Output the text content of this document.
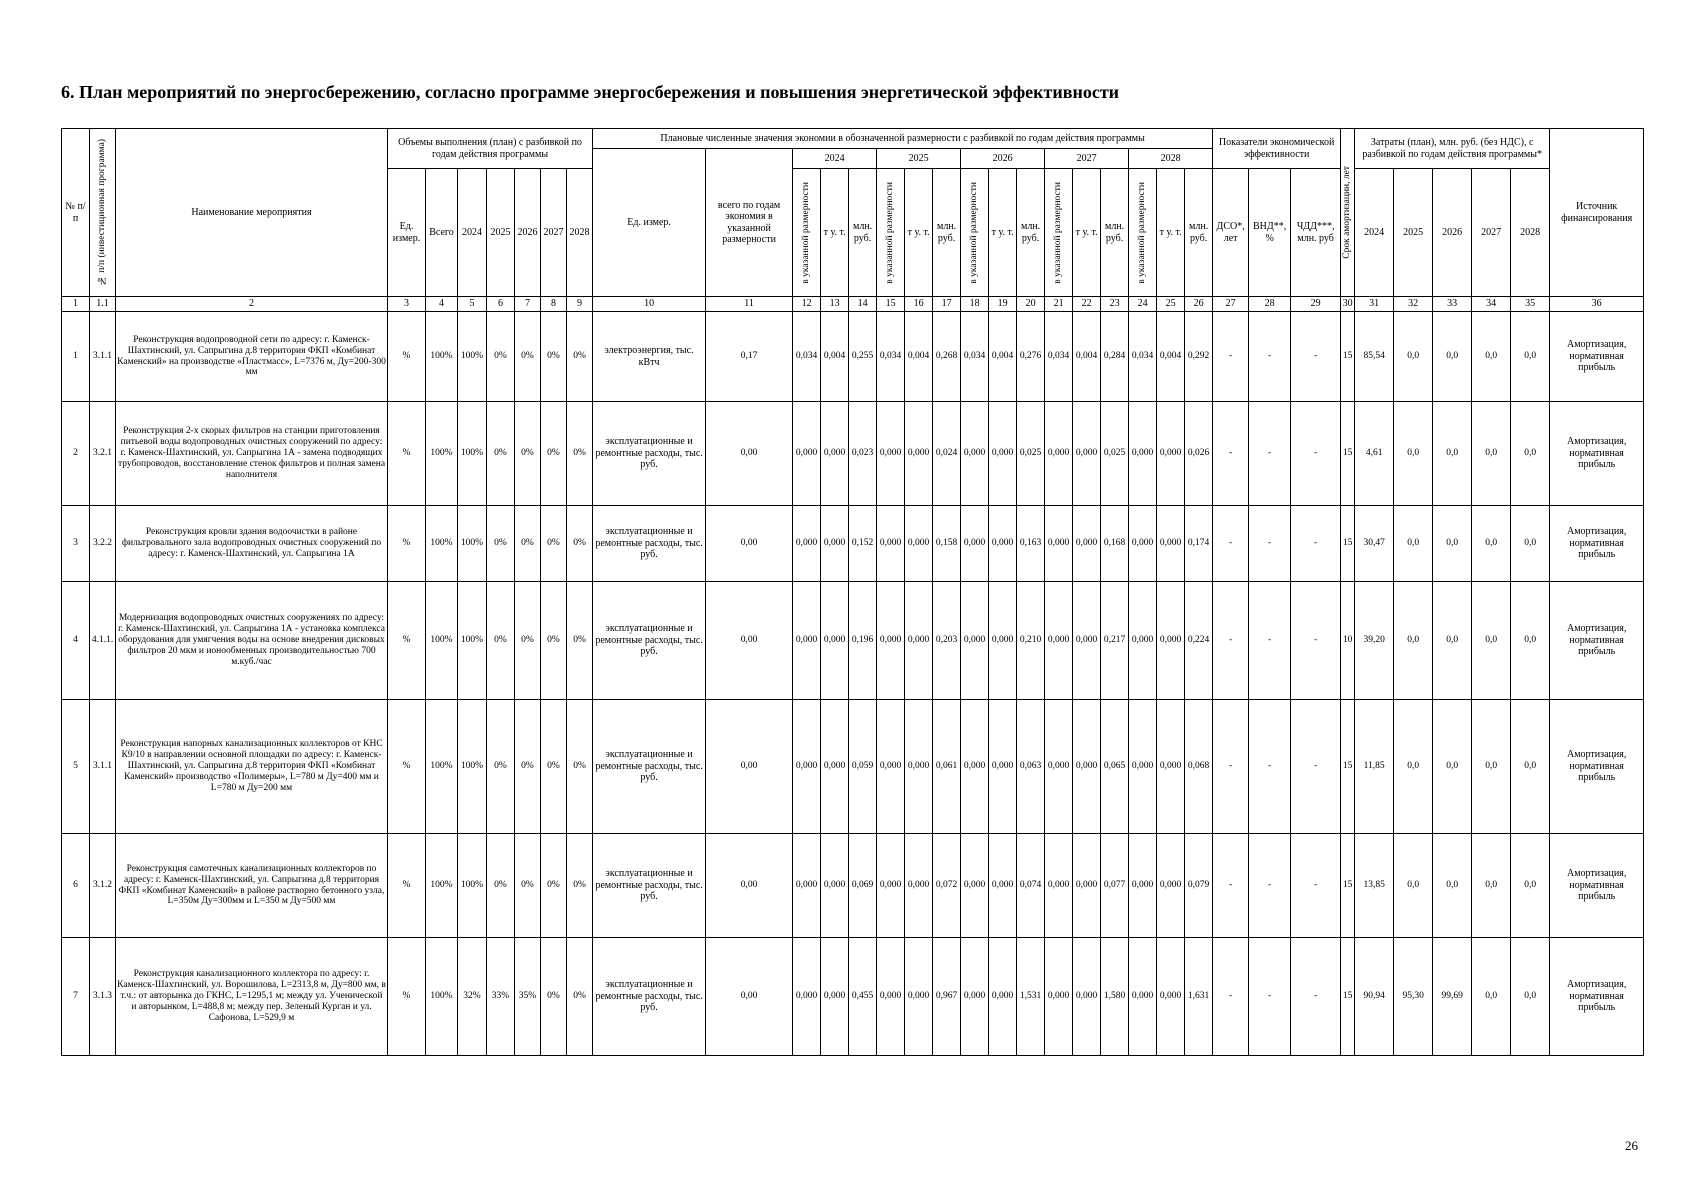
6. План мероприятий по энергосбережению, согласно программе энергосбережения и повышения энергетической эффективности
№ п/п	№ п/п (инвестиционная программа)	Наименование мероприятия	Объемы выполнения (план) с разбивкой по годам действия программы							Плановые численные значения экономии в обозначенной размерности с разбивкой по годам действия программы																	Показатели экономической эффективности			Срок амортизации, лет	Затраты (план), млн. руб. (без НДС), с разбивкой по годам действия программы*					Источник финансирования
										Ед. измер.	всего по годам экономия в указанной размерности	2024			2025			2026			2027			2028												
			Ед. измер.	Всего	2024	2025	2026	2027	2028			в указанной размерности	т у. т.	млн. руб.	в указанной размерности	т у. т.	млн. руб.	в указанной размерности	т у. т.	млн. руб.	в указанной размерности	т у. т.	млн. руб.	в указанной размерности	т у. т.	млн. руб.	ДСО*, лет	ВНД**, %	ЧДД***, млн. руб		2024	2025	2026	2027	2028	
1	1.1	2	3	4	5	6	7	8	9	10	11	12	13	14	15	16	17	18	19	20	21	22	23	24	25	26	27	28	29	30	31	32	33	34	35	36
1	3.1.1	Реконструкция водопроводной сети по адресу: г. Каменск-Шахтинский, ул. Сапрыгина д.8 территория ФКП «Комбинат Каменский» на производстве «Пластмасс», L=7376 м, Ду=200-300 мм	%	100%	100%	0%	0%	0%	0%	электроэнергия, тыс. кВтч	0,17	0,034	0,004	0,255	0,034	0,004	0,268	0,034	0,004	0,276	0,034	0,004	0,284	0,034	0,004	0,292	-	-	-	15	85,54	0,0	0,0	0,0	0,0	Амортизация, нормативная прибыль
2	3.2.1	Реконструкция 2-х скорых фильтров на станции приготовления питьевой воды водопроводных очистных сооружений по адресу: г. Каменск-Шахтинский, ул. Сапрыгина 1А - замена подводящих трубопроводов, восстановление стенок фильтров и полная замена наполнителя	%	100%	100%	0%	0%	0%	0%	эксплуатационные и ремонтные расходы, тыс. руб.	0,00	0,000	0,000	0,023	0,000	0,000	0,024	0,000	0,000	0,025	0,000	0,000	0,025	0,000	0,000	0,026	-	-	-	15	4,61	0,0	0,0	0,0	0,0	Амортизация, нормативная прибыль
3	3.2.2	Реконструкция кровли здания водоочистки в районе фильтровального зала водопроводных очистных сооружений по адресу: г. Каменск-Шахтинский, ул. Сапрыгина 1А	%	100%	100%	0%	0%	0%	0%	эксплуатационные и ремонтные расходы, тыс. руб.	0,00	0,000	0,000	0,152	0,000	0,000	0,158	0,000	0,000	0,163	0,000	0,000	0,168	0,000	0,000	0,174	-	-	-	15	30,47	0,0	0,0	0,0	0,0	Амортизация, нормативная прибыль
4	4.1.1.	Модернизация водопроводных очистных сооружениях по адресу: г. Каменск-Шахтинский, ул. Сапрыгина 1А - установка комплекса оборудования для умягчения воды на основе внедрения дисковых фильтров 20 мкм и ионообменных производительностью 700 м.куб./час	%	100%	100%	0%	0%	0%	0%	эксплуатационные и ремонтные расходы, тыс. руб.	0,00	0,000	0,000	0,196	0,000	0,000	0,203	0,000	0,000	0,210	0,000	0,000	0,217	0,000	0,000	0,224	-	-	-	10	39,20	0,0	0,0	0,0	0,0	Амортизация, нормативная прибыль
5	3.1.1	Реконструкция напорных канализационных коллекторов от КНС К9/10 в направлении основной площадки по адресу: г. Каменск-Шахтинский, ул. Сапрыгина д.8 территория ФКП «Комбинат Каменский» производство «Полимеры», L=780 м Ду=400 мм и L=780 м Ду=200 мм	%	100%	100%	0%	0%	0%	0%	эксплуатационные и ремонтные расходы, тыс. руб.	0,00	0,000	0,000	0,059	0,000	0,000	0,061	0,000	0,000	0,063	0,000	0,000	0,065	0,000	0,000	0,068	-	-	-	15	11,85	0,0	0,0	0,0	0,0	Амортизация, нормативная прибыль
6	3.1.2	Реконструкция самотечных канализационных коллекторов по адресу: г. Каменск-Шахтинский, ул. Сапрыгина д.8 территория ФКП «Комбинат Каменский» в районе растворно бетонного узла, L=350м Ду=300мм и L=350 м Ду=500 мм	%	100%	100%	0%	0%	0%	0%	эксплуатационные и ремонтные расходы, тыс. руб.	0,00	0,000	0,000	0,069	0,000	0,000	0,072	0,000	0,000	0,074	0,000	0,000	0,077	0,000	0,000	0,079	-	-	-	15	13,85	0,0	0,0	0,0	0,0	Амортизация, нормативная прибыль
7	3.1.3	Реконструкция канализационного коллектора по адресу: г. Каменск-Шахтинский, ул. Ворошилова, L=2313,8 м, Ду=800 мм, в т.ч.: от авторынка до ГКНС, L=1295,1 м; между ул. Ученической и авторынком, L=488,8 м; между пер. Зеленый Курган и ул. Сафонова, L=529,9 м	%	100%	32%	33%	35%	0%	0%	эксплуатационные и ремонтные расходы, тыс. руб.	0,00	0,000	0,000	0,455	0,000	0,000	0,967	0,000	0,000	1,531	0,000	0,000	1,580	0,000	0,000	1,631	-	-	-	15	90,94	95,30	99,69	0,0	0,0	Амортизация, нормативная прибыль
26
